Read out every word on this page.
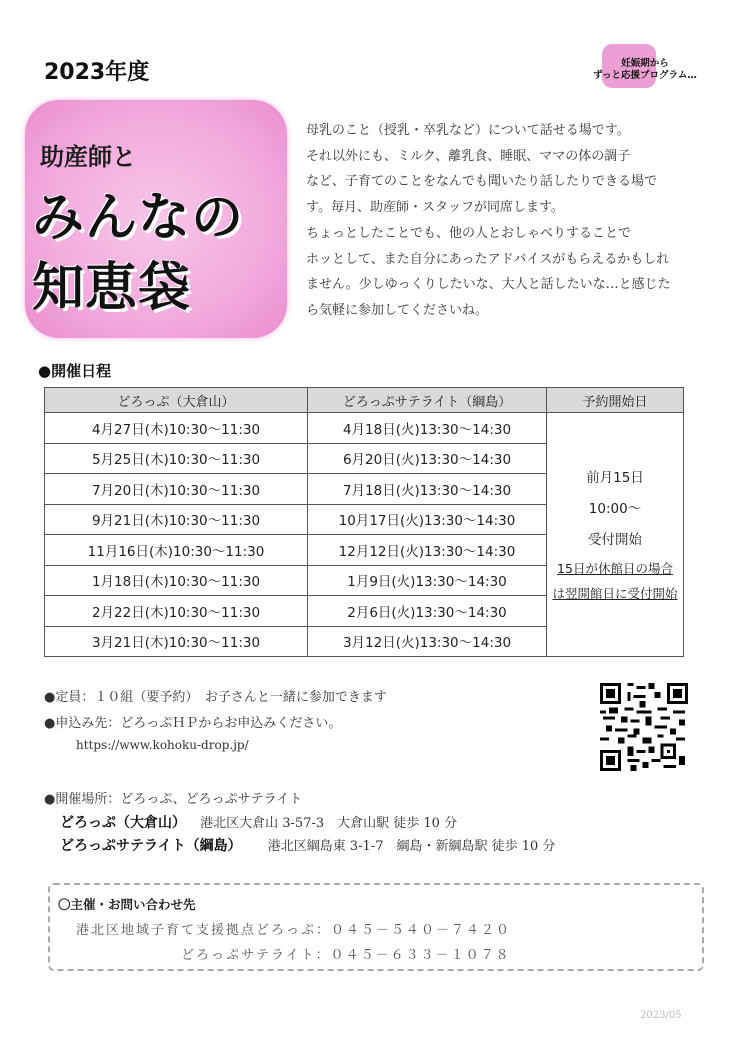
2023年度	妊娠期から
ずっと応援プログラム…
助産師と
みんなの
知恵袋
母乳のこと（授乳・卒乳など）について話せる場です。
それ以外にも、ミルク、離乳食、睡眠、ママの体の調子
など、子育てのことをなんでも聞いたり話したりできる場で
す。毎月、助産師・スタッフが同席します。
ちょっとしたことでも、他の人とおしゃべりすることで
ホッとして、また自分にあったアドバイスがもらえるかもしれ
ません。少しゆっくりしたいな、大人と話したいな…と感じた
ら気軽に参加してくださいね。
●開催日程
どろっぷ（大倉山）	どろっぷサテライト（綱島）	予約開始日
4月27日(木)10:30～11:30	4月18日(火)13:30～14:30	前月15日
10:00～
受付開始
15日が休館日の場合
は翌開館日に受付開始

5月25日(木)10:30～11:30	6月20日(火)13:30～14:30	
7月20日(木)10:30～11:30	7月18日(火)13:30～14:30	
9月21日(木)10:30～11:30	10月17日(火)13:30～14:30	
11月16日(木)10:30～11:30	12月12日(火)13:30～14:30	
1月18日(木)10:30～11:30	1月9日(火)13:30～14:30	
2月22日(木)10:30～11:30	2月6日(火)13:30～14:30	
3月21日(木)10:30～11:30	3月12日(火)13:30～14:30	
●定員：１０組（要予約）　お子さんと一緒に参加できます
●申込み先：どろっぷＨＰからお申込みください。
https://www.kohoku-drop.jp/
●開催場所：どろっぷ、どろっぷサテライト
どろっぷ（大倉山） 港北区大倉山 3-57-3　大倉山駅 徒歩 10 分
どろっぷサテライト（綱島） 港北区綱島東 3-1-7　綱島・新綱島駅 徒歩 10 分
〇主催・お問い合わせ先
港北区地域子育て支援拠点どろっぷ：０４５－５４０－７４２０
どろっぷサテライト：０４５－６３３－１０７８
2023/05
